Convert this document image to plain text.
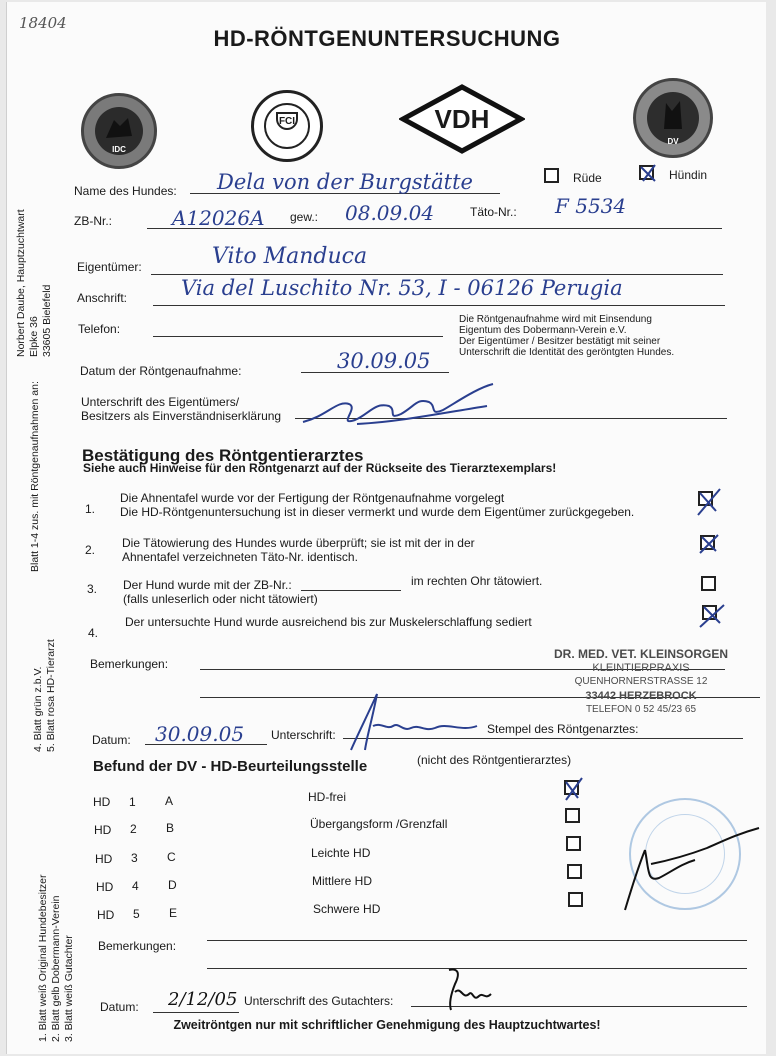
18404
HD-RÖNTGENUNTERSUCHUNG
IDC
FCI	VDH
DV
Name des Hundes: Dela von der Burgstätte	Rüde	Hündin
ZB-Nr.:	A12026A gew.: 08.09.04	Täto-Nr.: F 5534
Eigentümer:	Vito Manduca
Anschrift:	Via del Luschito Nr. 53, I - 06126 Perugia
Telefon:
Die Röntgenaufnahme wird mit Einsendung
Eigentum des Dobermann-Verein e.V.
Der Eigentümer / Besitzer bestätigt mit seiner
Unterschrift die Identität des geröntgten Hundes.
Datum der Röntgenaufnahme:	30.09.05
Unterschrift des Eigentümers/
Besitzers als Einverständniserklärung
Bestätigung des Röntgentierarztes
Siehe auch Hinweise für den Röntgenarzt auf der Rückseite des Tierarztexemplars!
1.
Die Ahnentafel wurde vor der Fertigung der Röntgenaufnahme vorgelegt
Die HD-Röntgenuntersuchung ist in dieser vermerkt und wurde dem Eigentümer zurückgegeben.
2. Die Tätowierung des Hundes wurde überprüft; sie ist mit der in der
Ahnentafel verzeichneten Täto-Nr. identisch.
3. Der Hund wurde mit der ZB-Nr.:	im rechten Ohr tätowiert.
(falls unleserlich oder nicht tätowiert)
4.
Der untersuchte Hund wurde ausreichend bis zur Muskelerschlaffung sediert
Bemerkungen:
DR. MED. VET. KLEINSORGEN
KLEINTIERPRAXIS
QUENHORNERSTRASSE 12
33442 HERZEBROCK
TELEFON 0 52 45/23 65
Datum: 30.09.05 Unterschrift:	Stempel des Röntgenarztes:
Befund der DV - HD-Beurteilungsstelle	(nicht des Röntgentierarztes)
HD 1 A	HD-frei
HD 2 B	Übergangsform /Grenzfall
HD 3 C	Leichte HD
HD 4 D	Mittlere HD
HD 5 E	Schwere HD
Bemerkungen:
Datum: 2/12/05 Unterschrift des Gutachters:
Zweitröntgen nur mit schriftlicher Genehmigung des Hauptzuchtwartes!
Norbert Daube, Hauptzuchtwart Elpke 36 33605 Bielefeld
Blatt 1-4 zus. mit Röntgenaufnahmen an:
4. Blatt grün z.b.V. 5. Blatt rosa HD-Tierarzt
1. Blatt weiß Original Hundebesitzer 2. Blatt gelb Dobermann-Verein 3. Blatt weiß Gutachter
